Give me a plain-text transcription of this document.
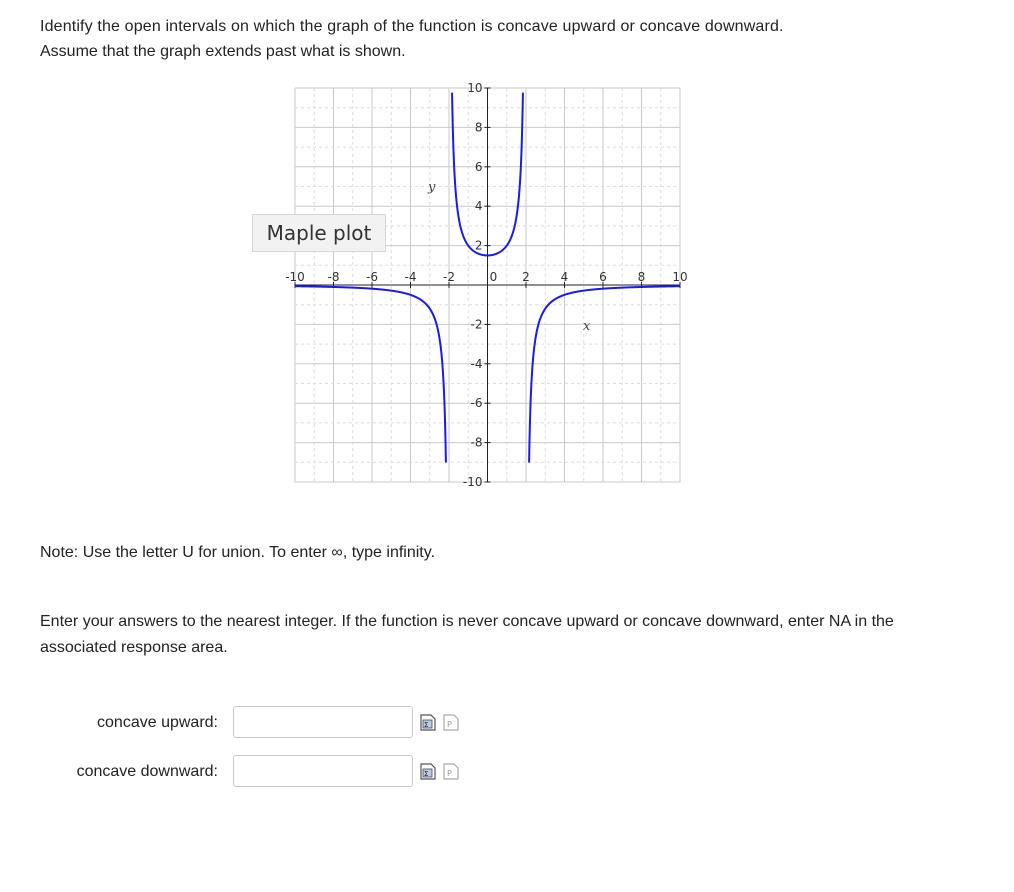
Identify the open intervals on which the graph of the function is concave upward or concave downward.

Assume that the graph extends past what is shown.

-10 -8 -6 -4 -2	0 2	4	6	8 10
10
8
6
4
2
-2
-4
-6
-8
-10
y
x
Maple plot
Note: Use the letter U for union. To enter ∞, type infinity.
Enter your answers to the nearest integer. If the function is never concave upward or concave downward, enter NA in the associated response area.
concave upward:	Σ P
concave downward:	Σ P
